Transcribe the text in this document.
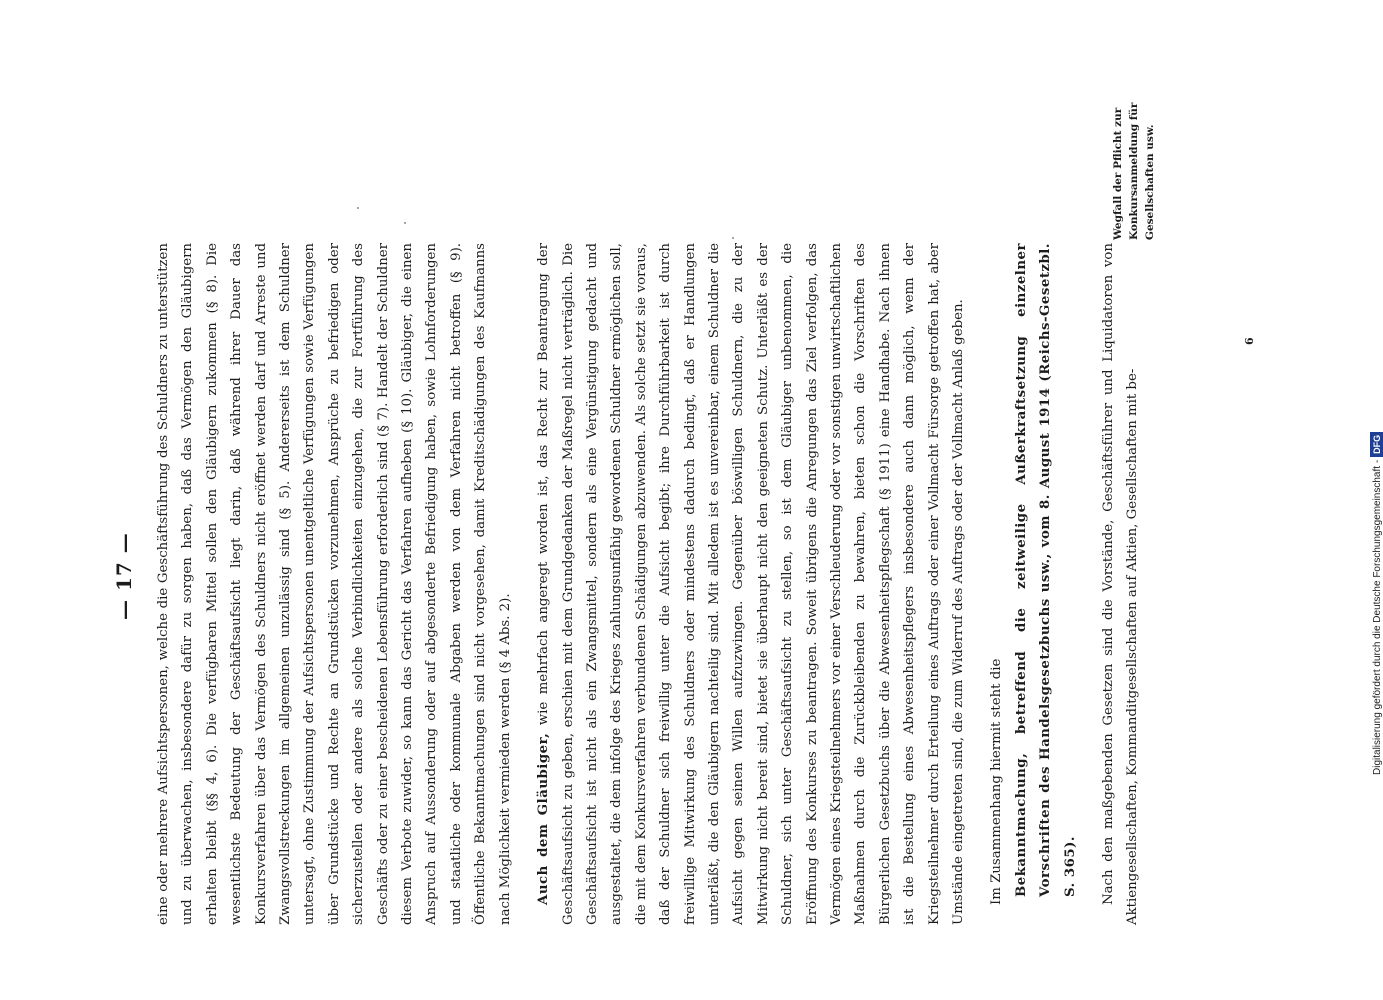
— 17 —	eine oder mehrere Aufsichtspersonen, welche die Geschäftsführung des Schuldners zu unterstützen und zu überwachen, insbesondere dafür zu sorgen haben, daß das Vermögen den Gläubigern erhalten bleibt (§§ 4, 6). Die verfügbaren Mittel sollen den Gläubigern zukommen (§ 8). Die wesentlichste Bedeutung der Geschäftsaufsicht liegt darin, daß während ihrer Dauer das Konkursverfahren über das Vermögen des Schuldners nicht eröffnet werden darf und Arreste und Zwangsvollstreckungen im allgemeinen unzulässig sind (§ 5). Andererseits ist dem Schuldner untersagt, ohne Zustimmung der Aufsichtspersonen unentgeltliche Verfügungen sowie Verfügungen über Grundstücke und Rechte an Grundstücken vorzunehmen, Ansprüche zu befriedigen oder sicherzustellen oder andere als solche Verbindlichkeiten einzugehen, die zur Fortführung des Geschäfts oder zu einer bescheidenen Lebensführung erforderlich sind (§ 7). Handelt der Schuldner diesem Verbote zuwider, so kann das Gericht das Verfahren aufheben (§ 10). Gläubiger, die einen Anspruch auf Aussonderung oder auf abgesonderte Befriedigung haben, sowie Lohnforderungen und staatliche oder kommunale Abgaben werden von dem Verfahren nicht betroffen (§ 9). Öffentliche Bekanntmachungen sind nicht vorgesehen, damit Kreditschädigungen des Kaufmanns nach Möglichkeit vermieden werden (§ 4 Abs. 2).	Auch dem Gläubiger, wie mehrfach angeregt worden ist, das Recht zur Beantragung der Geschäftsaufsicht zu geben, erschien mit dem Grundgedanken der Maßregel nicht verträglich. Die Geschäftsaufsicht ist nicht als ein Zwangsmittel, sondern als eine Vergünstigung gedacht und ausgestaltet, die dem infolge des Krieges zahlungsunfähig gewordenen Schuldner ermöglichen soll, die mit dem Konkursverfahren verbundenen Schädigungen abzuwenden. Als solche setzt sie voraus, daß der Schuldner sich freiwillig unter die Aufsicht begibt; ihre Durchführbarkeit ist durch freiwillige Mitwirkung des Schuldners oder mindestens dadurch bedingt, daß er Handlungen unterläßt, die den Gläubigern nachteilig sind. Mit alledem ist es unvereinbar, einem Schuldner die Aufsicht gegen seinen Willen aufzuzwingen. Gegenüber böswilligen Schuldnern, die zu der Mitwirkung nicht bereit sind, bietet sie überhaupt nicht den geeigneten Schutz. Unterläßt es der Schuldner, sich unter Geschäftsaufsicht zu stellen, so ist dem Gläubiger unbenommen, die Eröffnung des Konkurses zu beantragen. Soweit übrigens die Anregungen das Ziel verfolgen, das Vermögen eines Kriegsteilnehmers vor einer Verschleuderung oder vor sonstigen unwirtschaftlichen Maßnahmen durch die Zurückbleibenden zu bewahren, bieten schon die Vorschriften des Bürgerlichen Gesetzbuchs über die Abwesenheitspflegschaft (§ 1911) eine Handhabe. Nach ihnen ist die Bestellung eines Abwesenheitspflegers insbesondere auch dann möglich, wenn der Kriegsteilnehmer durch Erteilung eines Auftrags oder einer Vollmacht Fürsorge getroffen hat, aber Umstände eingetreten sind, die zum Widerruf des Auftrags oder der Vollmacht Anlaß geben.	Im Zusammenhang hiermit steht die Bekanntmachung, betreffend die zeitweilige Außerkraftsetzung einzelner Vorschriften des Handelsgesetzbuchs usw., vom 8. August 1914 (Reichs-Gesetzbl. S. 365).	Nach den maßgebenden Gesetzen sind die Vorstände, Geschäftsführer und Liquidatoren von Aktiengesellschaften, Kommanditgesellschaften auf Aktien, Gesellschaften mit be-

Wegfall der Pflicht zur Konkursanmeldung für Gesellschaften usw.
6
Digitalisierung gefördert durch die Deutsche Forschungsgemeinschaft -
DFG
